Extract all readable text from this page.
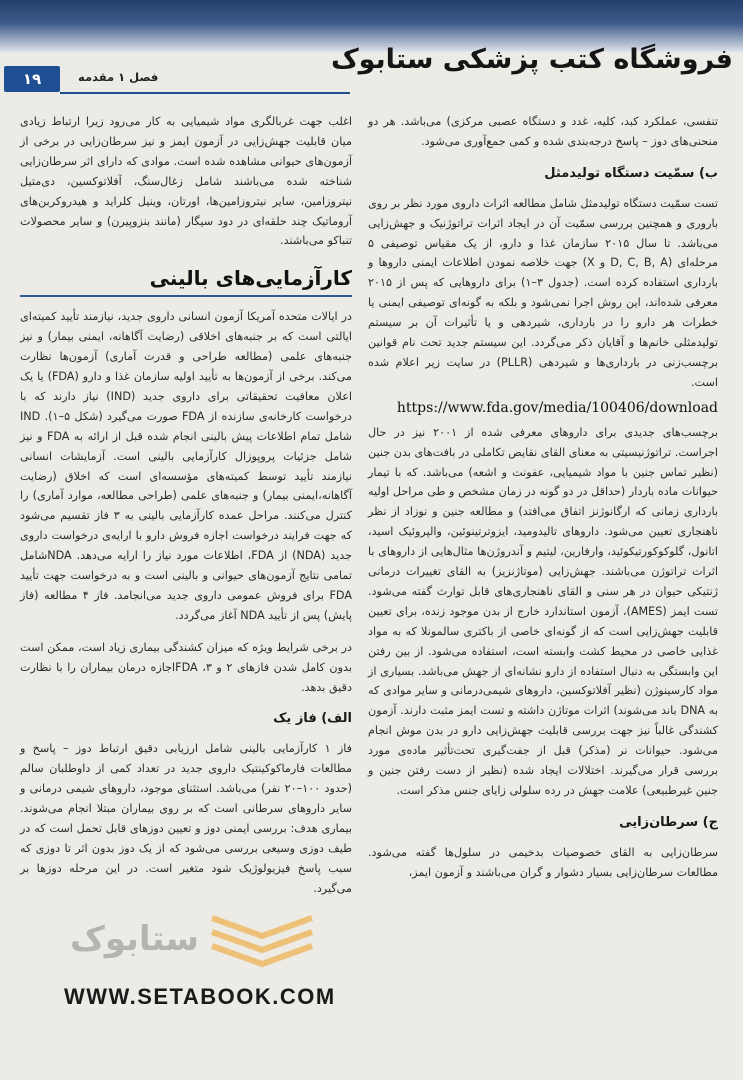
فروشگاه کتب پزشکی ستابوک
۱۹	فصل ۱ مقدمه

تنفسی، عملکرد کبد، کلیه، غدد و دستگاه عصبی مرکزی) می‌باشد. هر دو منحنی‌های دوز – پاسخ درجه‌بندی شده و کمی جمع‌آوری می‌شود.

ب) سمّیت دستگاه تولیدمثل

تست سمّیت دستگاه تولیدمثل شامل مطالعه اثرات داروی مورد نظر بر روی باروری و همچنین بررسی سمّیت آن در ایجاد اثرات تراتوژنیک و جهش‌زایی می‌باشد. تا سال ۲۰۱۵ سازمان غذا و دارو، از یک مقیاس توصیفی ۵ مرحله‌ای (D, C, B, A و X) جهت خلاصه نمودن اطلاعات ایمنی داروها و بارداری استفاده کرده است. (جدول ۳–۱) برای داروهایی که پس از ۲۰۱۵ معرفی شده‌اند، این روش اجرا نمی‌شود و بلکه به گونه‌ای توصیفی ایمنی یا خطرات هر دارو را در بارداری، شیردهی و یا تأثیرات آن بر سیستم تولیدمثلی خانم‌ها و آقایان ذکر می‌گردد. این سیستم جدید تحت نام قوانین برچسب‌زنی در بارداری‌ها و شیردهی (PLLR) در سایت زیر اعلام شده است.

https://www.fda.gov/media/100406/download

برچسب‌های جدیدی برای داروهای معرفی شده از ۲۰۰۱ نیز در حال اجراست. تراتوژنیسیتی به معنای القای نقایص تکاملی در بافت‌های بدن جنین (نظیر تماس جنین با مواد شیمیایی، عفونت و اشعه) می‌باشد. که با تیمار حیوانات ماده باردار (حداقل در دو گونه در زمان مشخص و طی مراحل اولیه بارداری زمانی که ارگانوژنز اتفاق می‌افتد) و مطالعه جنین و نوزاد از نظر ناهنجاری تعیین می‌شود. داروهای تالیدومید، ایزوترتینوئین، والپروئیک اسید، اتانول، گلوکوکورتیکوئید، وارفارین، لیتیم و آندروژن‌ها مثال‌هایی از داروهای با اثرات تراتوژن می‌باشند. جهش‌زایی (موتاژنزیز) به القای تغییرات درمانی ژنتیکی حیوان در هر سنی و القای ناهنجاری‌های قابل توارث گفته می‌شود. تست ایمز (AMES)، آزمون استاندارد خارج از بدن موجود زنده، برای تعیین قابلیت جهش‌زایی است که از گونه‌ای خاصی از باکتری سالمونلا که به مواد غذایی خاصی در محیط کشت وابسته است، استفاده می‌شود. از بین رفتن این وابستگی به دنبال استفاده از دارو نشانه‌ای از جهش می‌باشد. بسیاری از مواد کارسینوژن (نظیر آفلاتوکسین، داروهای شیمی‌درمانی و سایر موادی که به DNA باند می‌شوند) اثرات موتاژن داشته و تست ایمز مثبت دارند. آزمون کشندگی غالباً نیز جهت بررسی قابلیت جهش‌زایی دارو در بدن موش انجام می‌شود. حیوانات نر (مذکر) قبل از جفت‌گیری تحت‌تأثیر ماده‌ی مورد بررسی قرار می‌گیرند. اختلالات ایجاد شده (نظیر از دست رفتن جنین و جنین غیرطبیعی) علامت جهش در رده سلولی زایای جنس مذکر است.

ج) سرطان‌زایی

سرطان‌زایی به القای خصوصیات بدخیمی در سلول‌ها گفته می‌شود. مطالعات سرطان‌زایی بسیار دشوار و گران می‌باشند و آزمون ایمز،

اغلب جهت غربالگری مواد شیمیایی به کار می‌رود زیرا ارتباط زیادی میان قابلیت جهش‌زایی در آزمون ایمز و نیز سرطان‌زایی در برخی از آزمون‌های حیوانی مشاهده شده است. موادی که دارای اثر سرطان‌زایی شناخته شده می‌باشند شامل زغال‌سنگ، آفلاتوکسین، دی‌متیل نیتروزامین، سایر نیتروزامین‌ها، اورتان، وینیل کلراید و هیدروکربن‌های آروماتیک چند حلقه‌ای در دود سیگار (مانند بنزوپیرن) و سایر محصولات تنباکو می‌باشند.

کارآزمایی‌های بالینی

در ایالات متحده آمریکا آزمون انسانی داروی جدید، نیازمند تأیید کمیته‌ای ایالتی است که بر جنبه‌های اخلاقی (رضایت آگاهانه، ایمنی بیمار) و نیز جنبه‌های علمی (مطالعه طراحی و قدرت آماری) آزمون‌ها نظارت می‌کند. برخی از آزمون‌ها به تأیید اولیه سازمان غذا و دارو (FDA) یا یک اعلان معافیت تحقیقاتی برای داروی جدید (IND) نیاز دارند که با درخواست کارخانه‌ی سازنده از FDA صورت می‌گیرد (شکل ۵–۱). IND شامل تمام اطلاعات پیش بالینی انجام شده قبل از ارائه به FDA و نیز شامل جزئیات پروپوزال کارآزمایی بالینی است. آزمایشات انسانی نیازمند تأیید توسط کمیته‌های مؤسسه‌ای است که اخلاق (رضایت آگاهانه،ایمنی بیمار) و جنبه‌های علمی (طراحی مطالعه، موارد آماری) را کنترل می‌کنند. مراحل عمده کارآزمایی بالینی به ۳ فاز تقسیم می‌شود که جهت فرایند درخواست اجازه فروش دارو با ارایه‌ی درخواست داروی جدید (NDA) از FDA، اطلاعات مورد نیاز را ارایه می‌دهد. NDAشامل تمامی نتایج آزمون‌های حیوانی و بالینی است و به درخواست جهت تأیید FDA برای فروش عمومی داروی جدید می‌انجامد. فاز ۴ مطالعه (فاز پایش) پس از تأیید NDA آغاز می‌گردد.

در برخی شرایط ویژه که میزان کشندگی بیماری زیاد است، ممکن است بدون کامل شدن فازهای ۲ و ۳، FDAاجازه درمان بیماران را با نظارت دقیق بدهد.

الف) فاز یک

فاز ۱ کارآزمایی بالینی شامل ارزیابی دقیق ارتباط دوز – پاسخ و مطالعات فارماکوکینتیک داروی جدید در تعداد کمی از داوطلبان سالم (حدود ۱۰۰–۲۰ نفر) می‌باشد. استثنای موجود، داروهای شیمی درمانی و سایر داروهای سرطانی است که بر روی بیماران مبتلا انجام می‌شوند. بیماری هدف: بررسی ایمنی دوز و تعیین دوزهای قابل تحمل است که در طیف دوزی وسیعی بررسی می‌شود که از یک دوز بدون اثر تا دوزی که سبب پاسخ فیزیولوژیک شود متغیر است. در این مرحله دوزها بر می‌گیرد.

ستابوک
WWW.SETABOOK.COM
